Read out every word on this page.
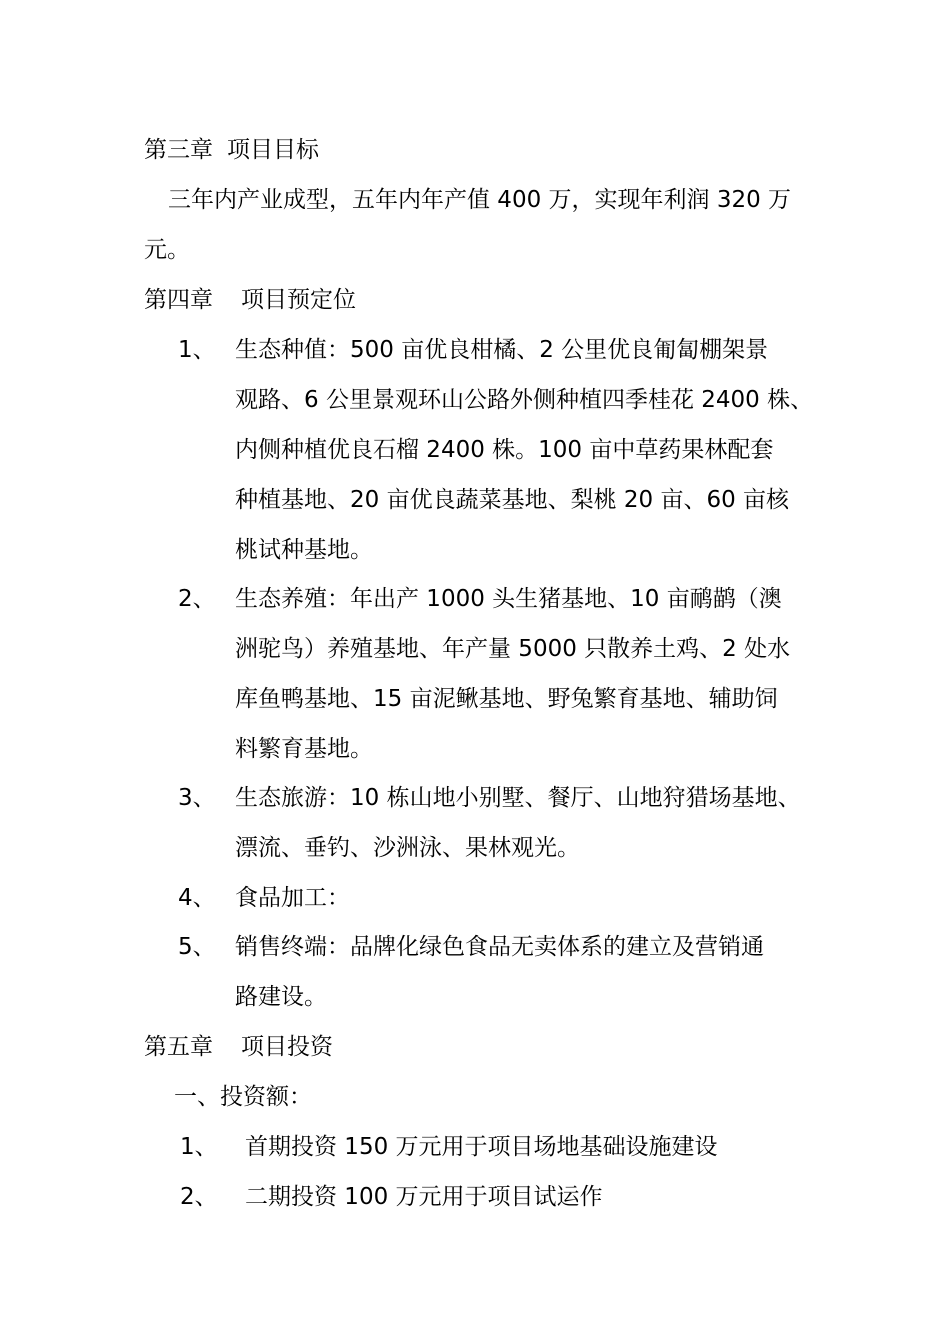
第三章 项目目标
三年内产业成型，五年内年产值 400 万，实现年利润 320 万
元。
第四章 项目预定位
1、 生态种值：500 亩优良柑橘、2 公里优良匍匐棚架景
观路、6 公里景观环山公路外侧种植四季桂花 2400 株、
内侧种植优良石榴 2400 株。100 亩中草药果林配套
种植基地、20 亩优良蔬菜基地、梨桃 20 亩、60 亩核
桃试种基地。
2、 生态养殖：年出产 1000 头生猪基地、10 亩鸸鹋（澳
洲驼鸟）养殖基地、年产量 5000 只散养土鸡、2 处水
库鱼鸭基地、15 亩泥鳅基地、野兔繁育基地、辅助饲
料繁育基地。
3、 生态旅游：10 栋山地小别墅、餐厅、山地狩猎场基地、
漂流、垂钓、沙洲泳、果林观光。
4、 食品加工：
5、 销售终端：品牌化绿色食品无卖体系的建立及营销通
路建设。
第五章 项目投资
一、投资额：
1、 首期投资 150 万元用于项目场地基础设施建设
2、 二期投资 100 万元用于项目试运作
